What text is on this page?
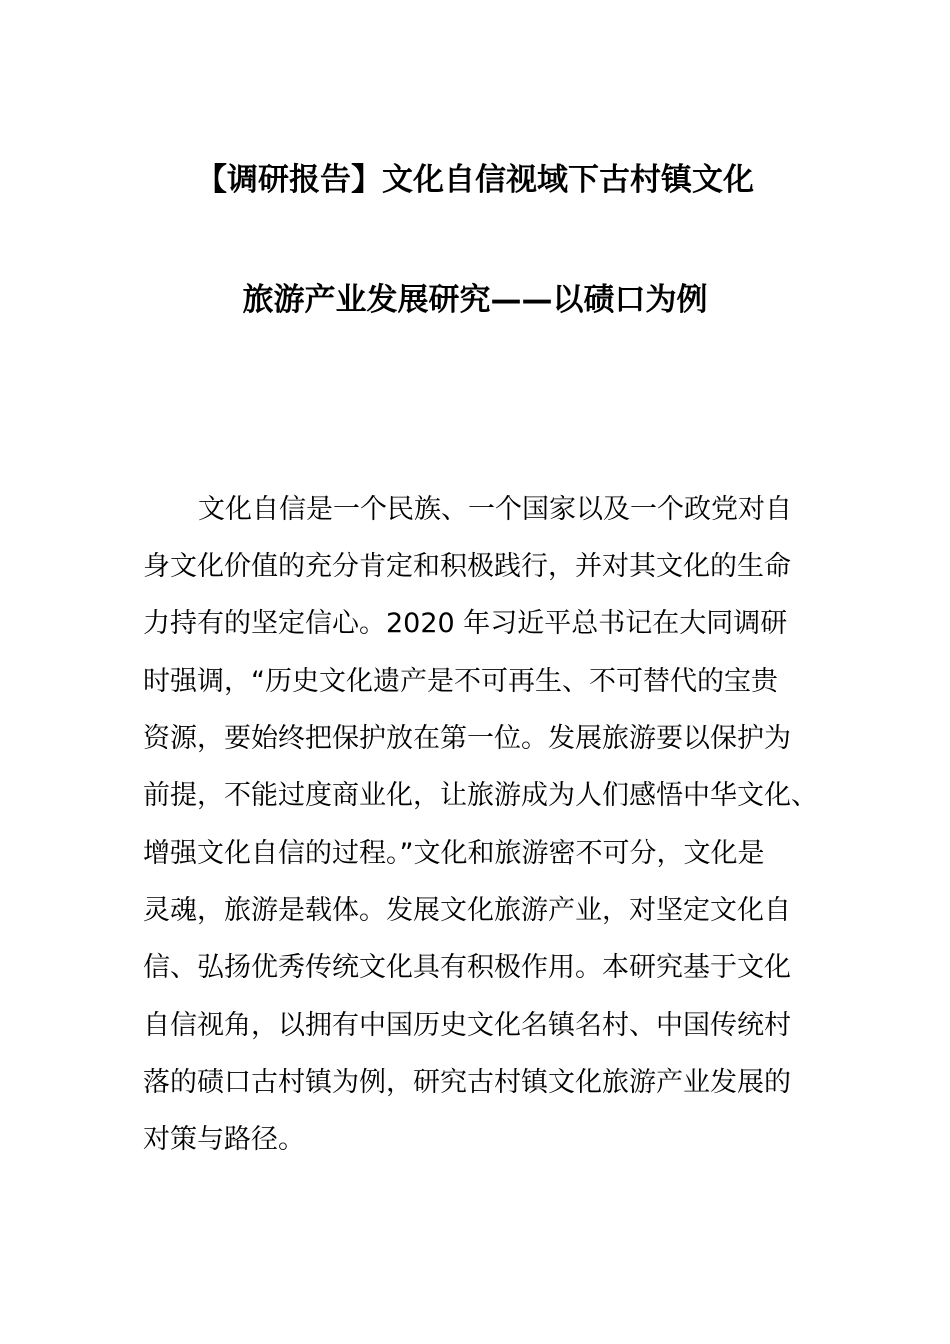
【调研报告】文化自信视域下古村镇文化
旅游产业发展研究——以碛口为例
文化自信是一个民族、一个国家以及一个政党对自
身文化价值的充分肯定和积极践行，并对其文化的生命
力持有的坚定信心。2020 年习近平总书记在大同调研
时强调，“历史文化遗产是不可再生、不可替代的宝贵
资源，要始终把保护放在第一位。发展旅游要以保护为
前提，不能过度商业化，让旅游成为人们感悟中华文化、
增强文化自信的过程。”文化和旅游密不可分，文化是
灵魂，旅游是载体。发展文化旅游产业，对坚定文化自
信、弘扬优秀传统文化具有积极作用。本研究基于文化
自信视角，以拥有中国历史文化名镇名村、中国传统村
落的碛口古村镇为例，研究古村镇文化旅游产业发展的
对策与路径。
